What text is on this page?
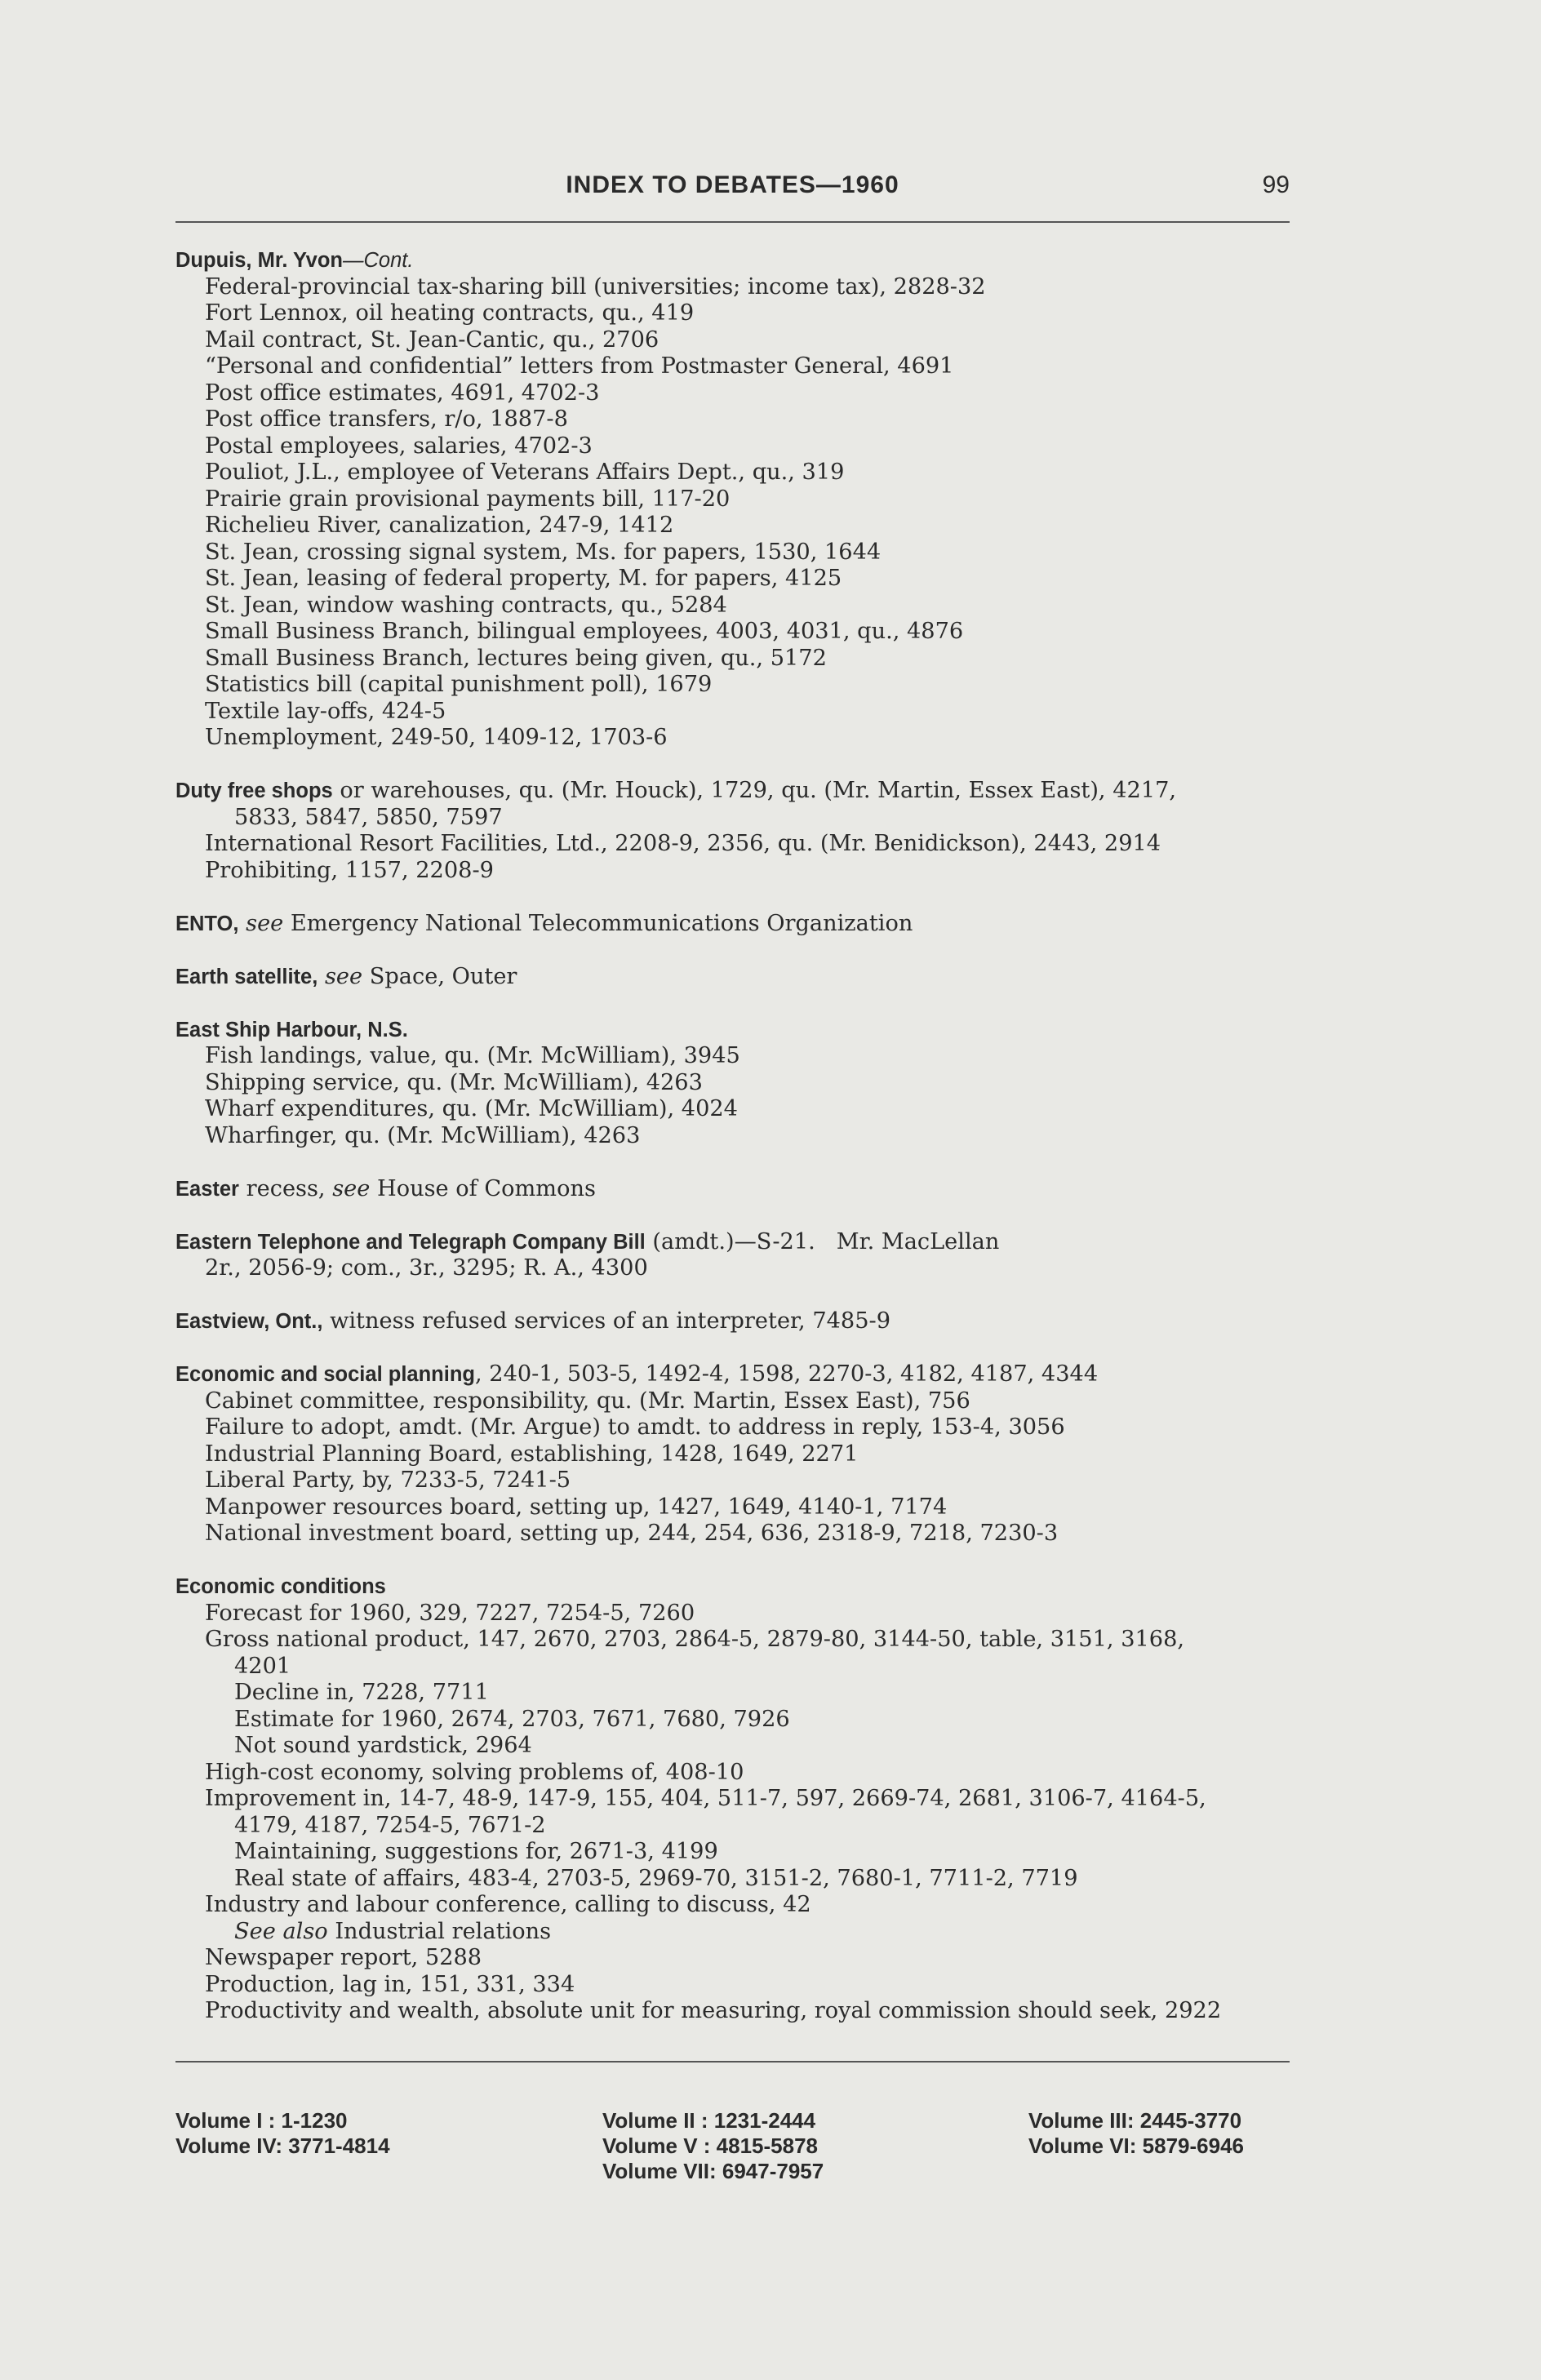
INDEX TO DEBATES—1960	99
Dupuis, Mr. Yvon—Cont.
Federal-provincial tax-sharing bill (universities; income tax), 2828-32
Fort Lennox, oil heating contracts, qu., 419
Mail contract, St. Jean-Cantic, qu., 2706
“Personal and confidential” letters from Postmaster General, 4691
Post office estimates, 4691, 4702-3
Post office transfers, r/o, 1887-8
Postal employees, salaries, 4702-3
Pouliot, J.L., employee of Veterans Affairs Dept., qu., 319
Prairie grain provisional payments bill, 117-20
Richelieu River, canalization, 247-9, 1412
St. Jean, crossing signal system, Ms. for papers, 1530, 1644
St. Jean, leasing of federal property, M. for papers, 4125
St. Jean, window washing contracts, qu., 5284
Small Business Branch, bilingual employees, 4003, 4031, qu., 4876
Small Business Branch, lectures being given, qu., 5172
Statistics bill (capital punishment poll), 1679
Textile lay-offs, 424-5
Unemployment, 249-50, 1409-12, 1703-6
Duty free shops or warehouses, qu. (Mr. Houck), 1729, qu. (Mr. Martin, Essex East), 4217,
5833, 5847, 5850, 7597
International Resort Facilities, Ltd., 2208-9, 2356, qu. (Mr. Benidickson), 2443, 2914
Prohibiting, 1157, 2208-9
ENTO, see Emergency National Telecommunications Organization
Earth satellite, see Space, Outer
East Ship Harbour, N.S.
Fish landings, value, qu. (Mr. McWilliam), 3945
Shipping service, qu. (Mr. McWilliam), 4263
Wharf expenditures, qu. (Mr. McWilliam), 4024
Wharfinger, qu. (Mr. McWilliam), 4263
Easter recess, see House of Commons
Eastern Telephone and Telegraph Company Bill (amdt.)—S-21.   Mr. MacLellan
2r., 2056-9; com., 3r., 3295; R. A., 4300
Eastview, Ont., witness refused services of an interpreter, 7485-9
Economic and social planning, 240-1, 503-5, 1492-4, 1598, 2270-3, 4182, 4187, 4344
Cabinet committee, responsibility, qu. (Mr. Martin, Essex East), 756
Failure to adopt, amdt. (Mr. Argue) to amdt. to address in reply, 153-4, 3056
Industrial Planning Board, establishing, 1428, 1649, 2271
Liberal Party, by, 7233-5, 7241-5
Manpower resources board, setting up, 1427, 1649, 4140-1, 7174
National investment board, setting up, 244, 254, 636, 2318-9, 7218, 7230-3
Economic conditions
Forecast for 1960, 329, 7227, 7254-5, 7260
Gross national product, 147, 2670, 2703, 2864-5, 2879-80, 3144-50, table, 3151, 3168,
4201
Decline in, 7228, 7711
Estimate for 1960, 2674, 2703, 7671, 7680, 7926
Not sound yardstick, 2964
High-cost economy, solving problems of, 408-10
Improvement in, 14-7, 48-9, 147-9, 155, 404, 511-7, 597, 2669-74, 2681, 3106-7, 4164-5,
4179, 4187, 7254-5, 7671-2
Maintaining, suggestions for, 2671-3, 4199
Real state of affairs, 483-4, 2703-5, 2969-70, 3151-2, 7680-1, 7711-2, 7719
Industry and labour conference, calling to discuss, 42
See also Industrial relations
Newspaper report, 5288
Production, lag in, 151, 331, 334
Productivity and wealth, absolute unit for measuring, royal commission should seek, 2922
Volume I : 1-1230
Volume IV: 3771-4814
Volume II : 1231-2444
Volume V : 4815-5878
Volume VII: 6947-7957
Volume III: 2445-3770
Volume VI: 5879-6946
